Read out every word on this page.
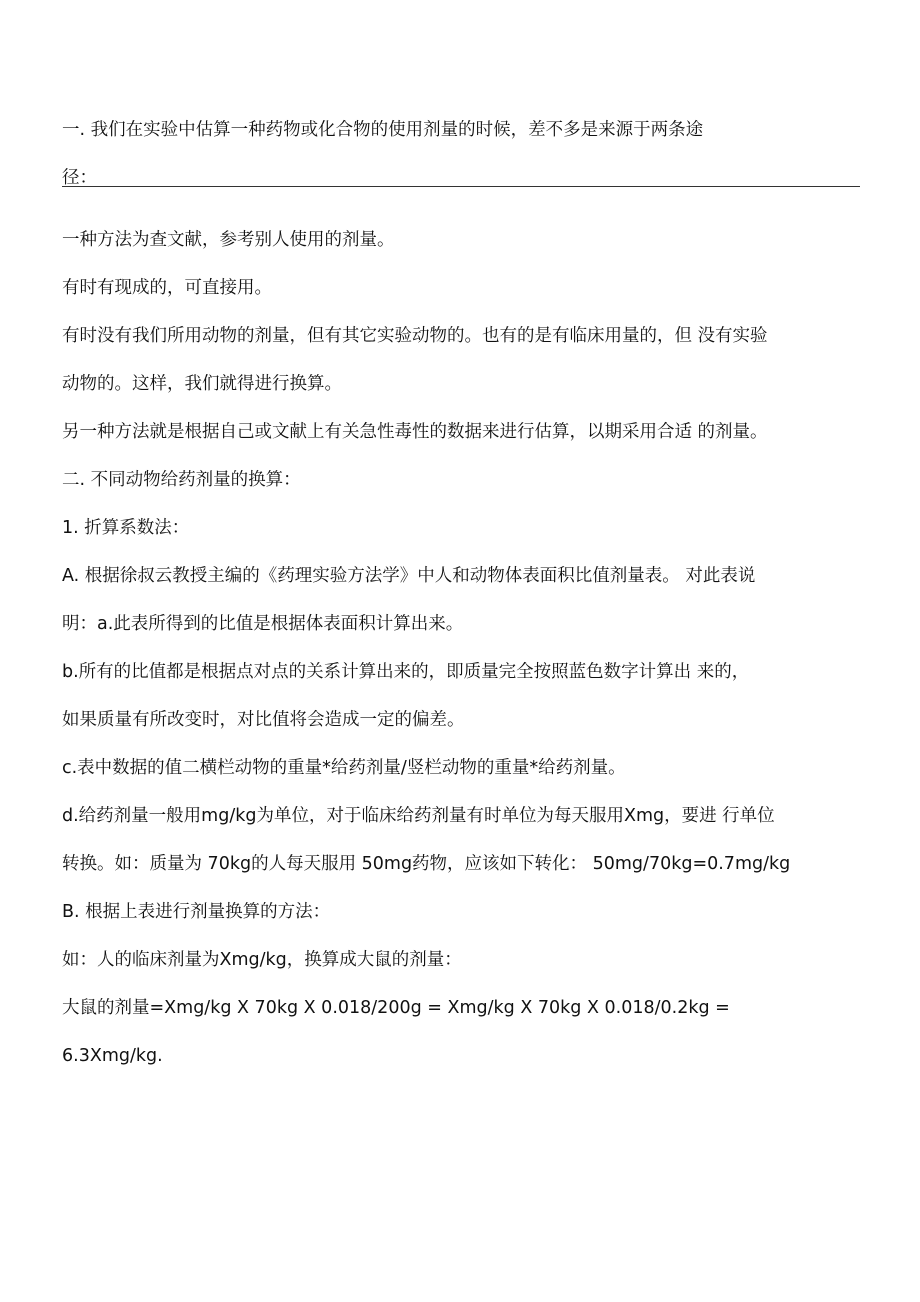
一. 我们在实验中估算一种药物或化合物的使用剂量的时候，差不多是来源于两条途
径：
一种方法为查文献，参考别人使用的剂量。
有时有现成的，可直接用。
有时没有我们所用动物的剂量，但有其它实验动物的。也有的是有临床用量的，但 没有实验
动物的。这样，我们就得进行换算。
另一种方法就是根据自己或文献上有关急性毒性的数据来进行估算，以期采用合适 的剂量。
二. 不同动物给药剂量的换算：
1. 折算系数法：
A. 根据徐叔云教授主编的《药理实验方法学》中人和动物体表面积比值剂量表。 对此表说
明：a.此表所得到的比值是根据体表面积计算出来。
b.所有的比值都是根据点对点的关系计算出来的，即质量完全按照蓝色数字计算出 来的，
如果质量有所改变时，对比值将会造成一定的偏差。
c.表中数据的值二横栏动物的重量*给药剂量/竖栏动物的重量*给药剂量。
d.给药剂量一般用mg/kg为单位，对于临床给药剂量有时单位为每天服用Xmg，要进 行单位
转换。如：质量为 70kg的人每天服用 50mg药物，应该如下转化： 50mg/70kg=0.7mg/kg
B. 根据上表进行剂量换算的方法：
如：人的临床剂量为Xmg/kg，换算成大鼠的剂量：
大鼠的剂量=Xmg/kg X 70kg X 0.018/200g = Xmg/kg X 70kg X 0.018/0.2kg =
6.3Xmg/kg.
